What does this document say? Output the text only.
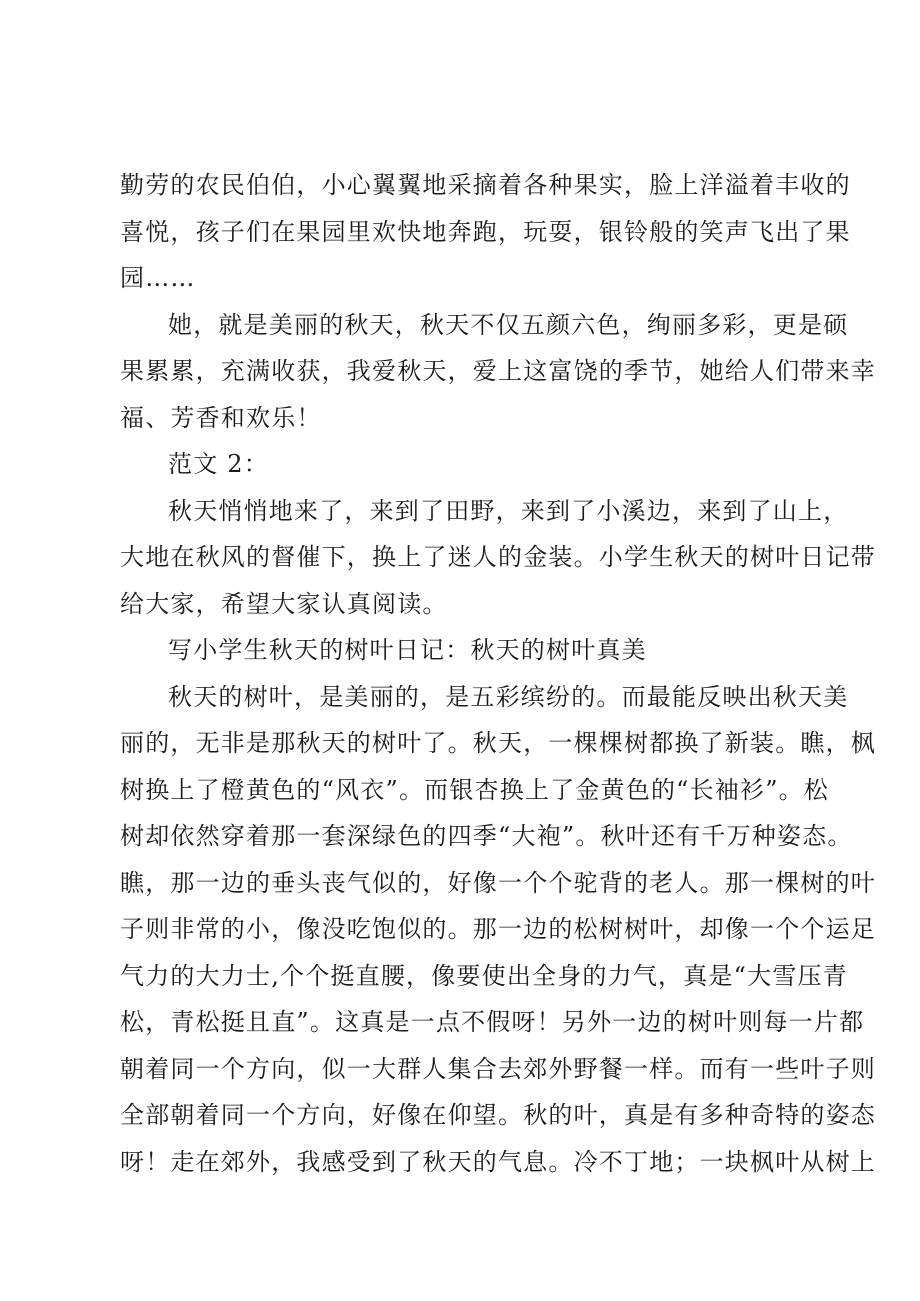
勤劳的农民伯伯，小心翼翼地采摘着各种果实，脸上洋溢着丰收的
喜悦，孩子们在果园里欢快地奔跑，玩耍，银铃般的笑声飞出了果
园……
她，就是美丽的秋天，秋天不仅五颜六色，绚丽多彩，更是硕
果累累，充满收获，我爱秋天，爱上这富饶的季节，她给人们带来幸
福、芳香和欢乐！
范文 2：
秋天悄悄地来了，来到了田野，来到了小溪边，来到了山上，
大地在秋风的督催下，换上了迷人的金装。小学生秋天的树叶日记带
给大家，希望大家认真阅读。
写小学生秋天的树叶日记：秋天的树叶真美
秋天的树叶，是美丽的，是五彩缤纷的。而最能反映出秋天美
丽的，无非是那秋天的树叶了。秋天，一棵棵树都换了新装。瞧，枫
树换上了橙黄色的“风衣”。而银杏换上了金黄色的“长袖衫”。松
树却依然穿着那一套深绿色的四季“大袍”。秋叶还有千万种姿态。
瞧，那一边的垂头丧气似的，好像一个个驼背的老人。那一棵树的叶
子则非常的小，像没吃饱似的。那一边的松树树叶，却像一个个运足
气力的大力士,个个挺直腰，像要使出全身的力气，真是“大雪压青
松，青松挺且直”。这真是一点不假呀！另外一边的树叶则每一片都
朝着同一个方向，似一大群人集合去郊外野餐一样。而有一些叶子则
全部朝着同一个方向，好像在仰望。秋的叶，真是有多种奇特的姿态
呀！走在郊外，我感受到了秋天的气息。冷不丁地；一块枫叶从树上
